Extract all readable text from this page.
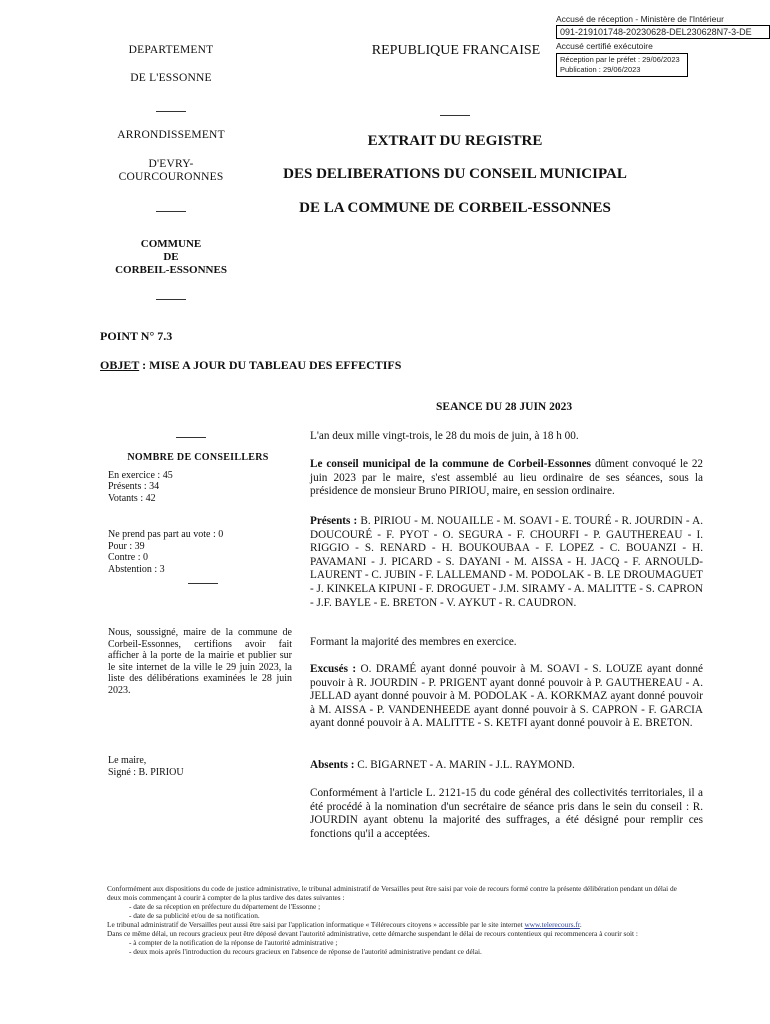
Accusé de réception - Ministère de l'Intérieur
091-219101748-20230628-DEL230628N7-3-DE
Accusé certifié exécutoire
Réception par le préfet : 29/06/2023
Publication : 29/06/2023
DEPARTEMENT
DE L'ESSONNE
ARRONDISSEMENT
D'EVRY-
COURCOURONNES
COMMUNE
DE
CORBEIL-ESSONNES
REPUBLIQUE FRANCAISE
EXTRAIT DU REGISTRE
DES DELIBERATIONS DU CONSEIL MUNICIPAL
DE LA COMMUNE DE CORBEIL-ESSONNES
POINT N° 7.3
OBJET : MISE A JOUR DU TABLEAU DES EFFECTIFS
SEANCE DU 28 JUIN 2023
NOMBRE DE CONSEILLERS
En exercice : 45
Présents : 34
Votants : 42
Ne prend pas part au vote : 0
Pour : 39
Contre : 0
Abstention : 3
Nous, soussigné, maire de la commune de Corbeil-Essonnes, certifions avoir fait afficher à la porte de la mairie et publier sur le site internet de la ville le 29 juin 2023, la liste des délibérations examinées le 28 juin 2023.
Le maire,
Signé : B. PIRIOU
L'an deux mille vingt-trois, le 28 du mois de juin, à 18 h 00.
Le conseil municipal de la commune de Corbeil-Essonnes dûment convoqué le 22 juin 2023 par le maire, s'est assemblé au lieu ordinaire de ses séances, sous la présidence de monsieur Bruno PIRIOU, maire, en session ordinaire.
Présents : B. PIRIOU - M. NOUAILLE - M. SOAVI - E. TOURÉ - R. JOURDIN - A. DOUCOURÉ - F. PYOT - O. SEGURA - F. CHOURFI - P. GAUTHEREAU - I. RIGGIO - S. RENARD - H. BOUKOUBAA - F. LOPEZ - C. BOUANZI - H. PAVAMANI - J. PICARD - S. DAYANI - M. AISSA - H. JACQ - F. ARNOULD-LAURENT - C. JUBIN - F. LALLEMAND - M. PODOLAK - B. LE DROUMAGUET - J. KINKELA KIPUNI - F. DROGUET - J.M. SIRAMY - A. MALITTE - S. CAPRON - J.F. BAYLE - E. BRETON - V. AYKUT - R. CAUDRON.
Formant la majorité des membres en exercice.
Excusés : O. DRAMÉ ayant donné pouvoir à M. SOAVI - S. LOUZE ayant donné pouvoir à R. JOURDIN - P. PRIGENT ayant donné pouvoir à P. GAUTHEREAU - A. JELLAD ayant donné pouvoir à M. PODOLAK - A. KORKMAZ ayant donné pouvoir à M. AISSA - P. VANDENHEEDE ayant donné pouvoir à S. CAPRON - F. GARCIA ayant donné pouvoir à A. MALITTE - S. KETFI ayant donné pouvoir à E. BRETON.
Absents : C. BIGARNET - A. MARIN - J.L. RAYMOND.
Conformément à l'article L. 2121-15 du code général des collectivités territoriales, il a été procédé à la nomination d'un secrétaire de séance pris dans le sein du conseil : R. JOURDIN ayant obtenu la majorité des suffrages, a été désigné pour remplir ces fonctions qu'il a acceptées.
Conformément aux dispositions du code de justice administrative, le tribunal administratif de Versailles peut être saisi par voie de recours formé contre la présente délibération pendant un délai de deux mois commençant à courir à compter de la plus tardive des dates suivantes :
- date de sa réception en préfecture du département de l'Essonne ;
- date de sa publicité et/ou de sa notification.
Le tribunal administratif de Versailles peut aussi être saisi par l'application informatique « Télérecours citoyens » accessible par le site internet www.telerecours.fr.
Dans ce même délai, un recours gracieux peut être déposé devant l'autorité administrative, cette démarche suspendant le délai de recours contentieux qui recommencera à courir soit :
- à compter de la notification de la réponse de l'autorité administrative ;
- deux mois après l'introduction du recours gracieux en l'absence de réponse de l'autorité administrative pendant ce délai.
